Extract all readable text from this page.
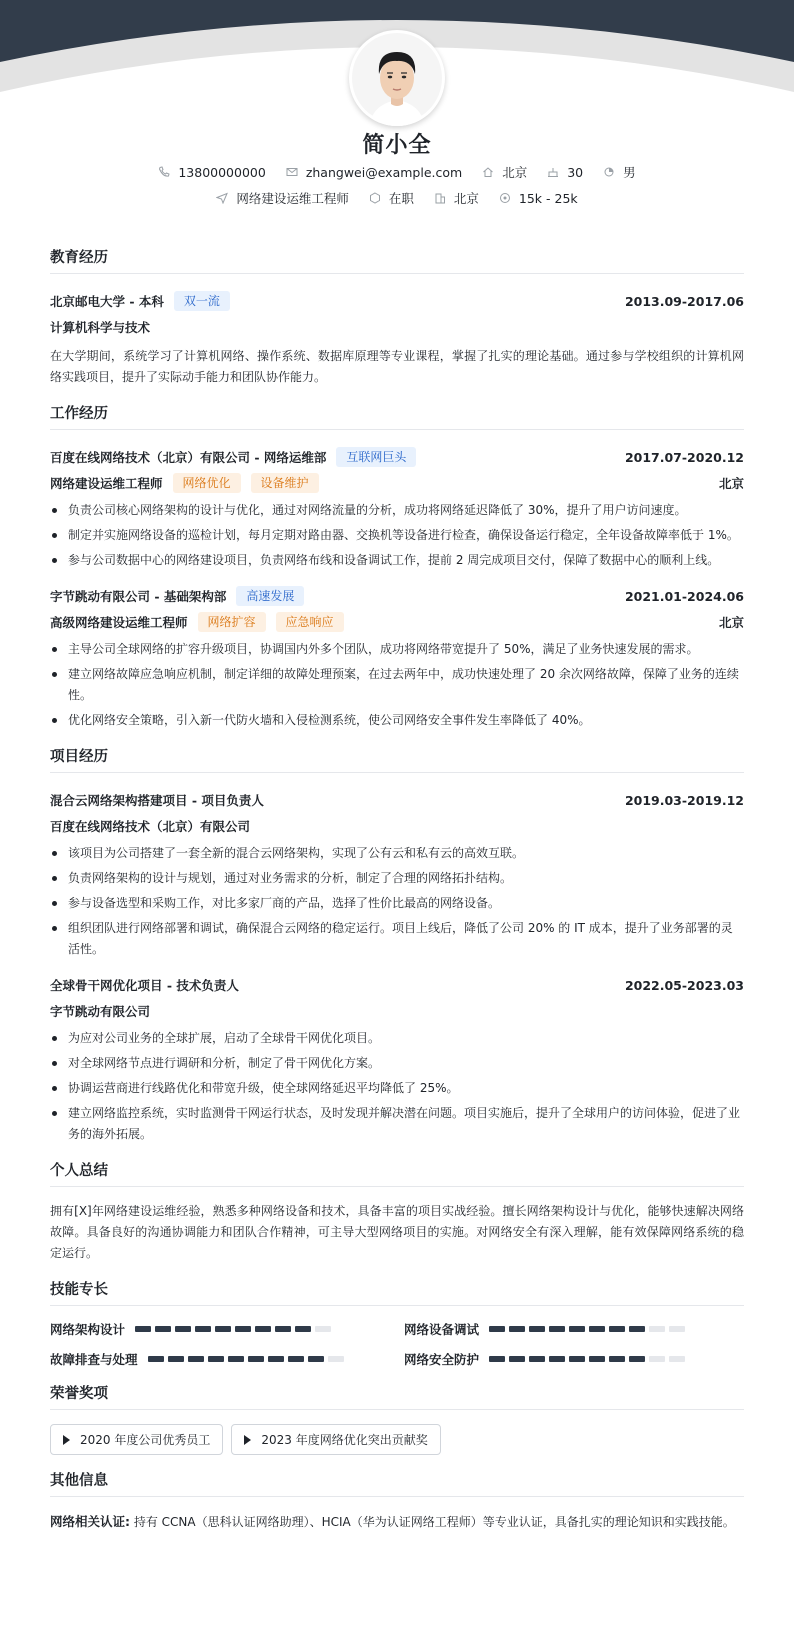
简小全
13800000000	zhangwei@example.com	北京	30	男
网络建设运维工程师	在职	北京	15k - 25k
教育经历
北京邮电大学 - 本科	双一流	2013.09-2017.06
计算机科学与技术
在大学期间，系统学习了计算机网络、操作系统、数据库原理等专业课程，掌握了扎实的理论基础。通过参与学校组织的计算机网络实践项目，提升了实际动手能力和团队协作能力。
工作经历
百度在线网络技术（北京）有限公司 - 网络运维部	互联网巨头	2017.07-2020.12
网络建设运维工程师	网络优化	设备维护	北京
负责公司核心网络架构的设计与优化，通过对网络流量的分析，成功将网络延迟降低了 30%，提升了用户访问速度。
制定并实施网络设备的巡检计划，每月定期对路由器、交换机等设备进行检查，确保设备运行稳定，全年设备故障率低于 1%。
参与公司数据中心的网络建设项目，负责网络布线和设备调试工作，提前 2 周完成项目交付，保障了数据中心的顺利上线。
字节跳动有限公司 - 基础架构部	高速发展	2021.01-2024.06
高级网络建设运维工程师	网络扩容	应急响应	北京
主导公司全球网络的扩容升级项目，协调国内外多个团队，成功将网络带宽提升了 50%，满足了业务快速发展的需求。
建立网络故障应急响应机制，制定详细的故障处理预案，在过去两年中，成功快速处理了 20 余次网络故障，保障了业务的连续性。
优化网络安全策略，引入新一代防火墙和入侵检测系统，使公司网络安全事件发生率降低了 40%。
项目经历
混合云网络架构搭建项目 - 项目负责人	2019.03-2019.12
百度在线网络技术（北京）有限公司
该项目为公司搭建了一套全新的混合云网络架构，实现了公有云和私有云的高效互联。
负责网络架构的设计与规划，通过对业务需求的分析，制定了合理的网络拓扑结构。
参与设备选型和采购工作，对比多家厂商的产品，选择了性价比最高的网络设备。
组织团队进行网络部署和调试，确保混合云网络的稳定运行。项目上线后，降低了公司 20% 的 IT 成本，提升了业务部署的灵活性。
全球骨干网优化项目 - 技术负责人	2022.05-2023.03
字节跳动有限公司
为应对公司业务的全球扩展，启动了全球骨干网优化项目。
对全球网络节点进行调研和分析，制定了骨干网优化方案。
协调运营商进行线路优化和带宽升级，使全球网络延迟平均降低了 25%。
建立网络监控系统，实时监测骨干网运行状态，及时发现并解决潜在问题。项目实施后，提升了全球用户的访问体验，促进了业务的海外拓展。
个人总结
拥有[X]年网络建设运维经验，熟悉多种网络设备和技术，具备丰富的项目实战经验。擅长网络架构设计与优化，能够快速解决网络故障。具备良好的沟通协调能力和团队合作精神，可主导大型网络项目的实施。对网络安全有深入理解，能有效保障网络系统的稳定运行。
技能专长
网络架构设计	网络设备调试
故障排查与处理	网络安全防护
荣誉奖项
2020 年度公司优秀员工	2023 年度网络优化突出贡献奖
其他信息
网络相关认证: 持有 CCNA（思科认证网络助理）、HCIA（华为认证网络工程师）等专业认证，具备扎实的理论知识和实践技能。
